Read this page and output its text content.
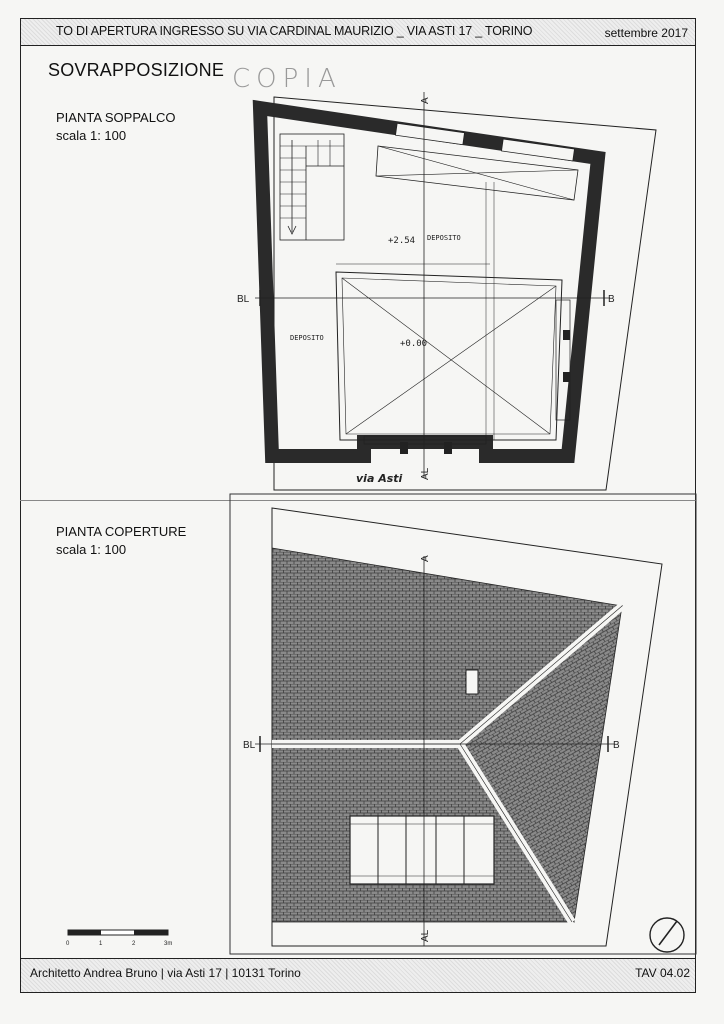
TO DI APERTURA INGRESSO SU VIA CARDINAL MAURIZIO _ VIA ASTI 17 _ TORINO	settembre 2017
SOVRAPPOSIZIONE COPIA
PIANTA SOPPALCO
scala 1: 100
PIANTA COPERTURE
scala 1: 100
+2.54 DEPOSITO
DEPOSITO
+0.00
via Asti
A
AL
BL	B
A
AL
BL	B
0	1	2	3m
Architetto Andrea Bruno | via Asti 17 | 10131 Torino	TAV 04.02
